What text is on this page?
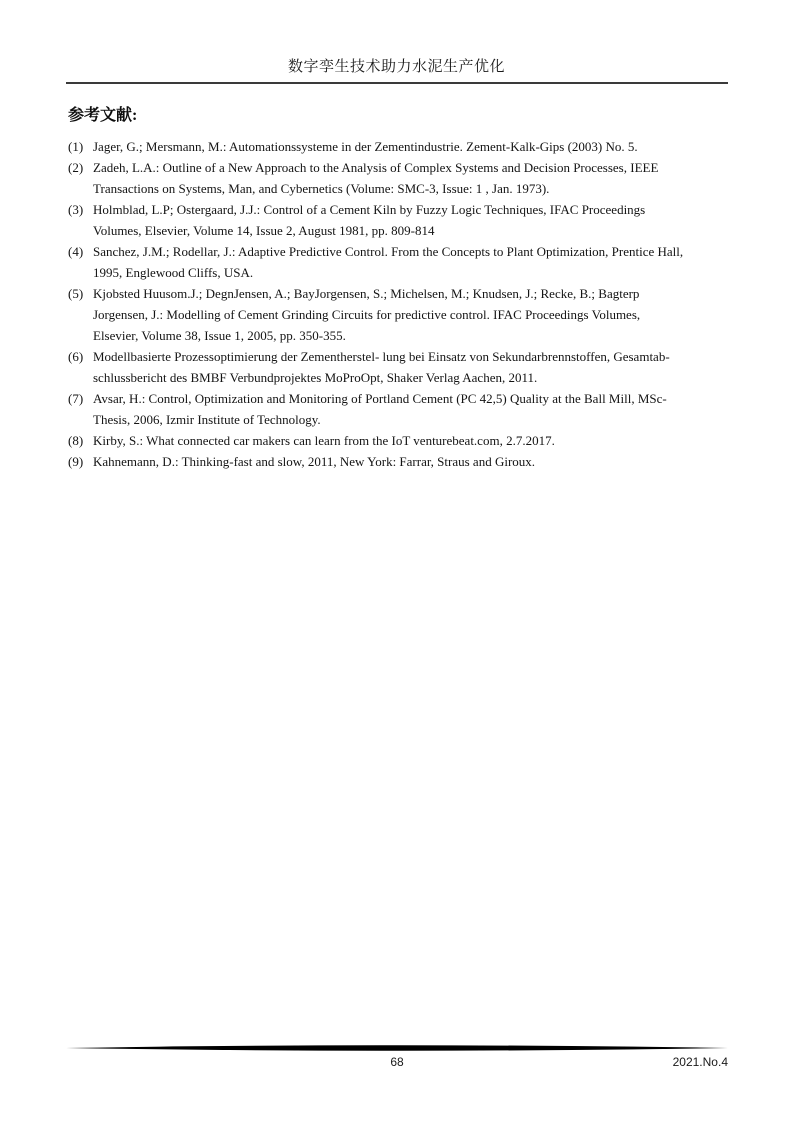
数字孪生技术助力水泥生产优化
参考文献:
(1) Jager, G.; Mersmann, M.: Automationssysteme in der Zementindustrie. Zement-Kalk-Gips (2003) No. 5.
(2) Zadeh, L.A.: Outline of a New Approach to the Analysis of Complex Systems and Decision Processes, IEEE
Transactions on Systems, Man, and Cybernetics (Volume: SMC-3, Issue: 1 , Jan. 1973).
(3) Holmblad, L.P; Ostergaard, J.J.: Control of a Cement Kiln by Fuzzy Logic Techniques, IFAC Proceedings
Volumes, Elsevier, Volume 14, Issue 2, August 1981, pp. 809-814
(4) Sanchez, J.M.; Rodellar, J.: Adaptive Predictive Control. From the Concepts to Plant Optimization, Prentice Hall,
1995, Englewood Cliffs, USA.
(5) Kjobsted Huusom.J.; DegnJensen, A.; BayJorgensen, S.; Michelsen, M.; Knudsen, J.; Recke, B.; Bagterp
Jorgensen, J.: Modelling of Cement Grinding Circuits for predictive control. IFAC Proceedings Volumes,
Elsevier, Volume 38, Issue 1, 2005, pp. 350-355.
(6) Modellbasierte Prozessoptimierung der Zementherstel- lung bei Einsatz von Sekundarbrennstoffen, Gesamtab-
schlussbericht des BMBF Verbundprojektes MoProOpt, Shaker Verlag Aachen, 2011.
(7) Avsar, H.: Control, Optimization and Monitoring of Portland Cement (PC 42,5) Quality at the Ball Mill, MSc-
Thesis, 2006, Izmir Institute of Technology.
(8) Kirby, S.: What connected car makers can learn from the IoT venturebeat.com, 2.7.2017.
(9) Kahnemann, D.: Thinking-fast and slow, 2011, New York: Farrar, Straus and Giroux.
68	2021.No.4
